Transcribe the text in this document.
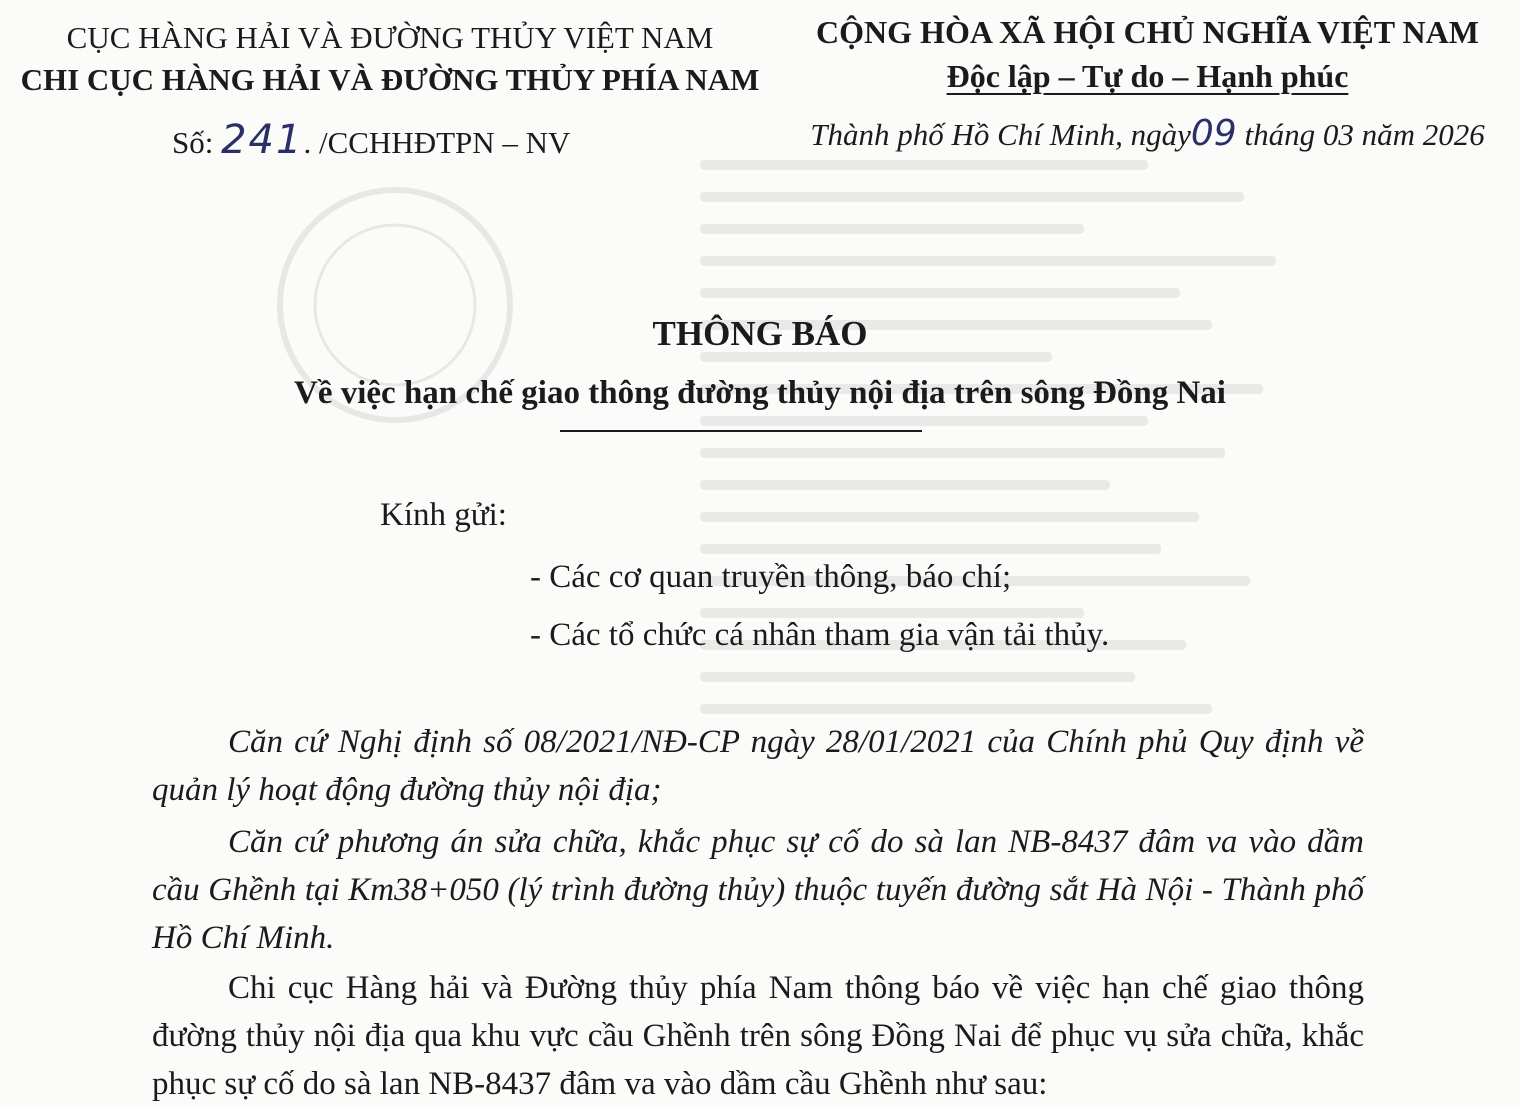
CỤC HÀNG HẢI VÀ ĐƯỜNG THỦY VIỆT NAM
CHI CỤC HÀNG HẢI VÀ ĐƯỜNG THỦY PHÍA NAM
CỘNG HÒA XÃ HỘI CHỦ NGHĨA VIỆT NAM
Độc lập – Tự do – Hạnh phúc
Số: 241. /CCHHĐTPN – NV	Thành phố Hồ Chí Minh, ngày09 tháng 03 năm 2026
THÔNG BÁO
Về việc hạn chế giao thông đường thủy nội địa trên sông Đồng Nai
Kính gửi:
- Các cơ quan truyền thông, báo chí;
- Các tổ chức cá nhân tham gia vận tải thủy.

Căn cứ Nghị định số 08/2021/NĐ-CP ngày 28/01/2021 của Chính phủ Quy định về quản lý hoạt động đường thủy nội địa;

Căn cứ phương án sửa chữa, khắc phục sự cố do sà lan NB-8437 đâm va vào dầm cầu Ghềnh tại Km38+050 (lý trình đường thủy) thuộc tuyến đường sắt Hà Nội - Thành phố Hồ Chí Minh.

Chi cục Hàng hải và Đường thủy phía Nam thông báo về việc hạn chế giao thông đường thủy nội địa qua khu vực cầu Ghềnh trên sông Đồng Nai để phục vụ sửa chữa, khắc phục sự cố do sà lan NB-8437 đâm va vào dầm cầu Ghềnh như sau:
